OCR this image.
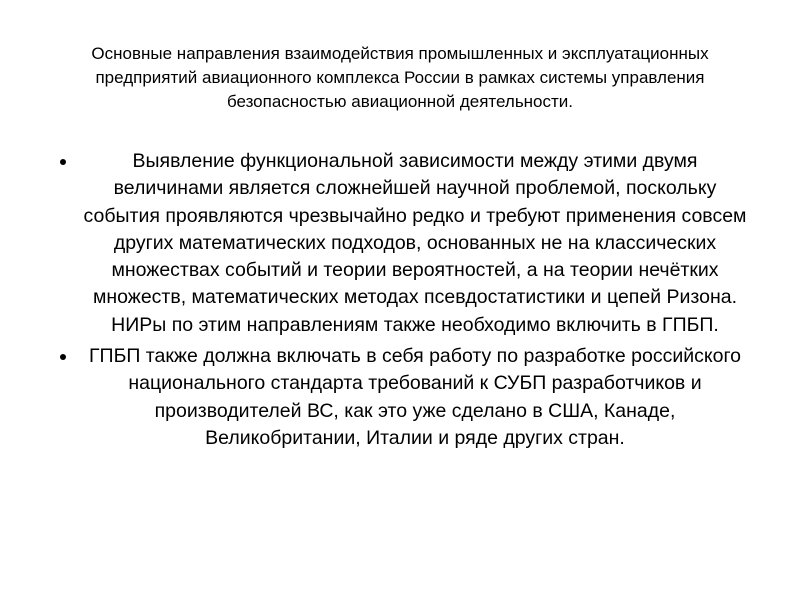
Основные направления взаимодействия промышленных и эксплуатационных предприятий авиационного комплекса России в рамках системы управления безопасностью авиационной деятельности.

Выявление функциональной зависимости между этими двумя величинами является сложнейшей научной проблемой, поскольку события проявляются чрезвычайно редко и требуют применения совсем других математических подходов, основанных не на классических множествах событий и теории вероятностей, а на теории нечётких множеств, математических методах псевдостатистики и цепей Ризона.

НИРы по этим направлениям также необходимо включить в ГПБП.

ГПБП также должна включать в себя работу по разработке российского национального стандарта требований к СУБП разработчиков и производителей ВС, как это уже сделано в США, Канаде, Великобритании, Италии и ряде других стран.
